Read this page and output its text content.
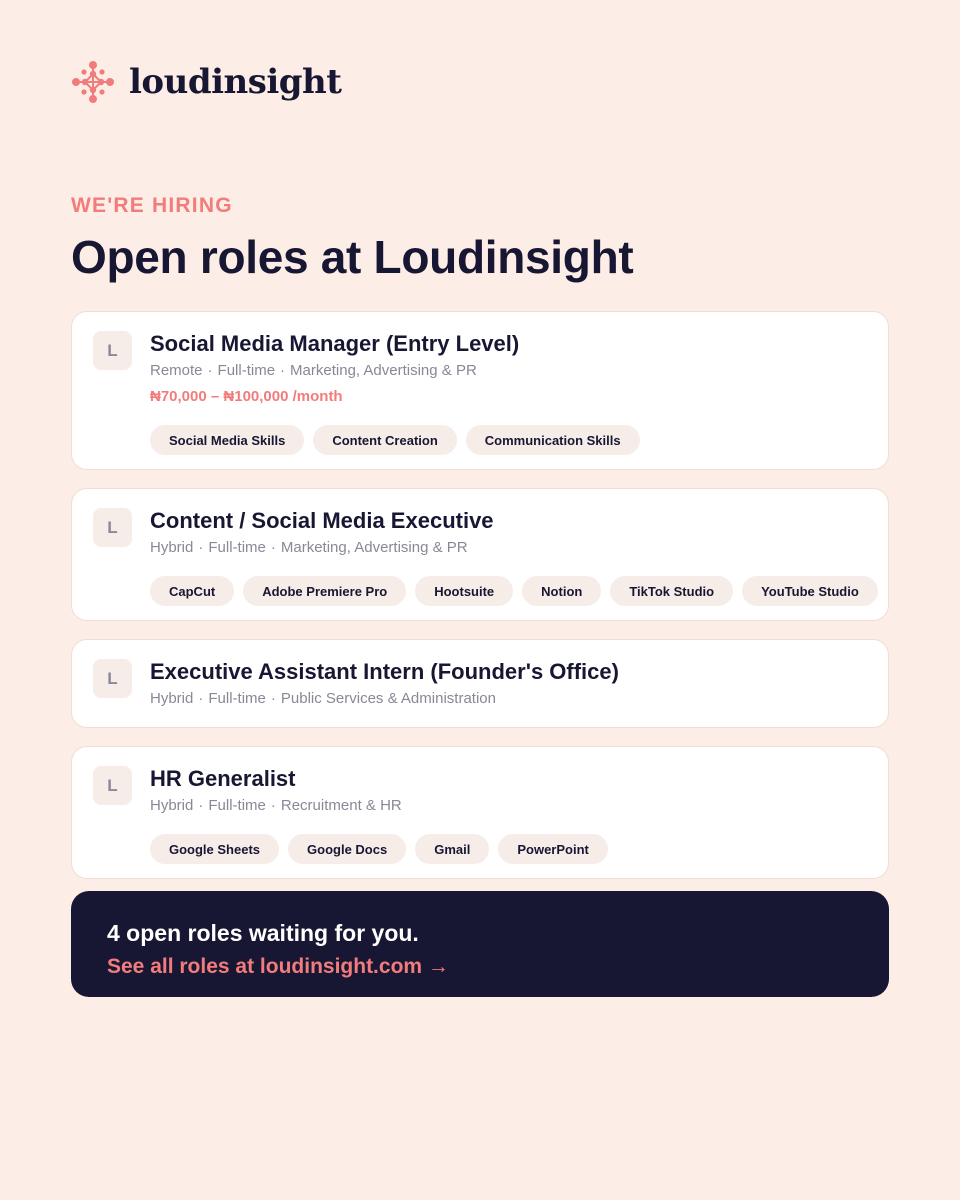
loudinsight
WE'RE HIRING
Open roles at Loudinsight
L	Social Media Manager (Entry Level)
Remote · Full-time · Marketing, Advertising & PR
₦70,000 – ₦100,000 /month
Social Media Skills	Content Creation	Communication Skills
L	Content / Social Media Executive
Hybrid · Full-time · Marketing, Advertising & PR
CapCut	Adobe Premiere Pro	Hootsuite	Notion	TikTok Studio	YouTube Studio
L	Executive Assistant Intern (Founder's Office)
Hybrid · Full-time · Public Services & Administration
L	HR Generalist
Hybrid · Full-time · Recruitment & HR
Google Sheets	Google Docs	Gmail	PowerPoint
4 open roles waiting for you.
See all roles at loudinsight.com →
